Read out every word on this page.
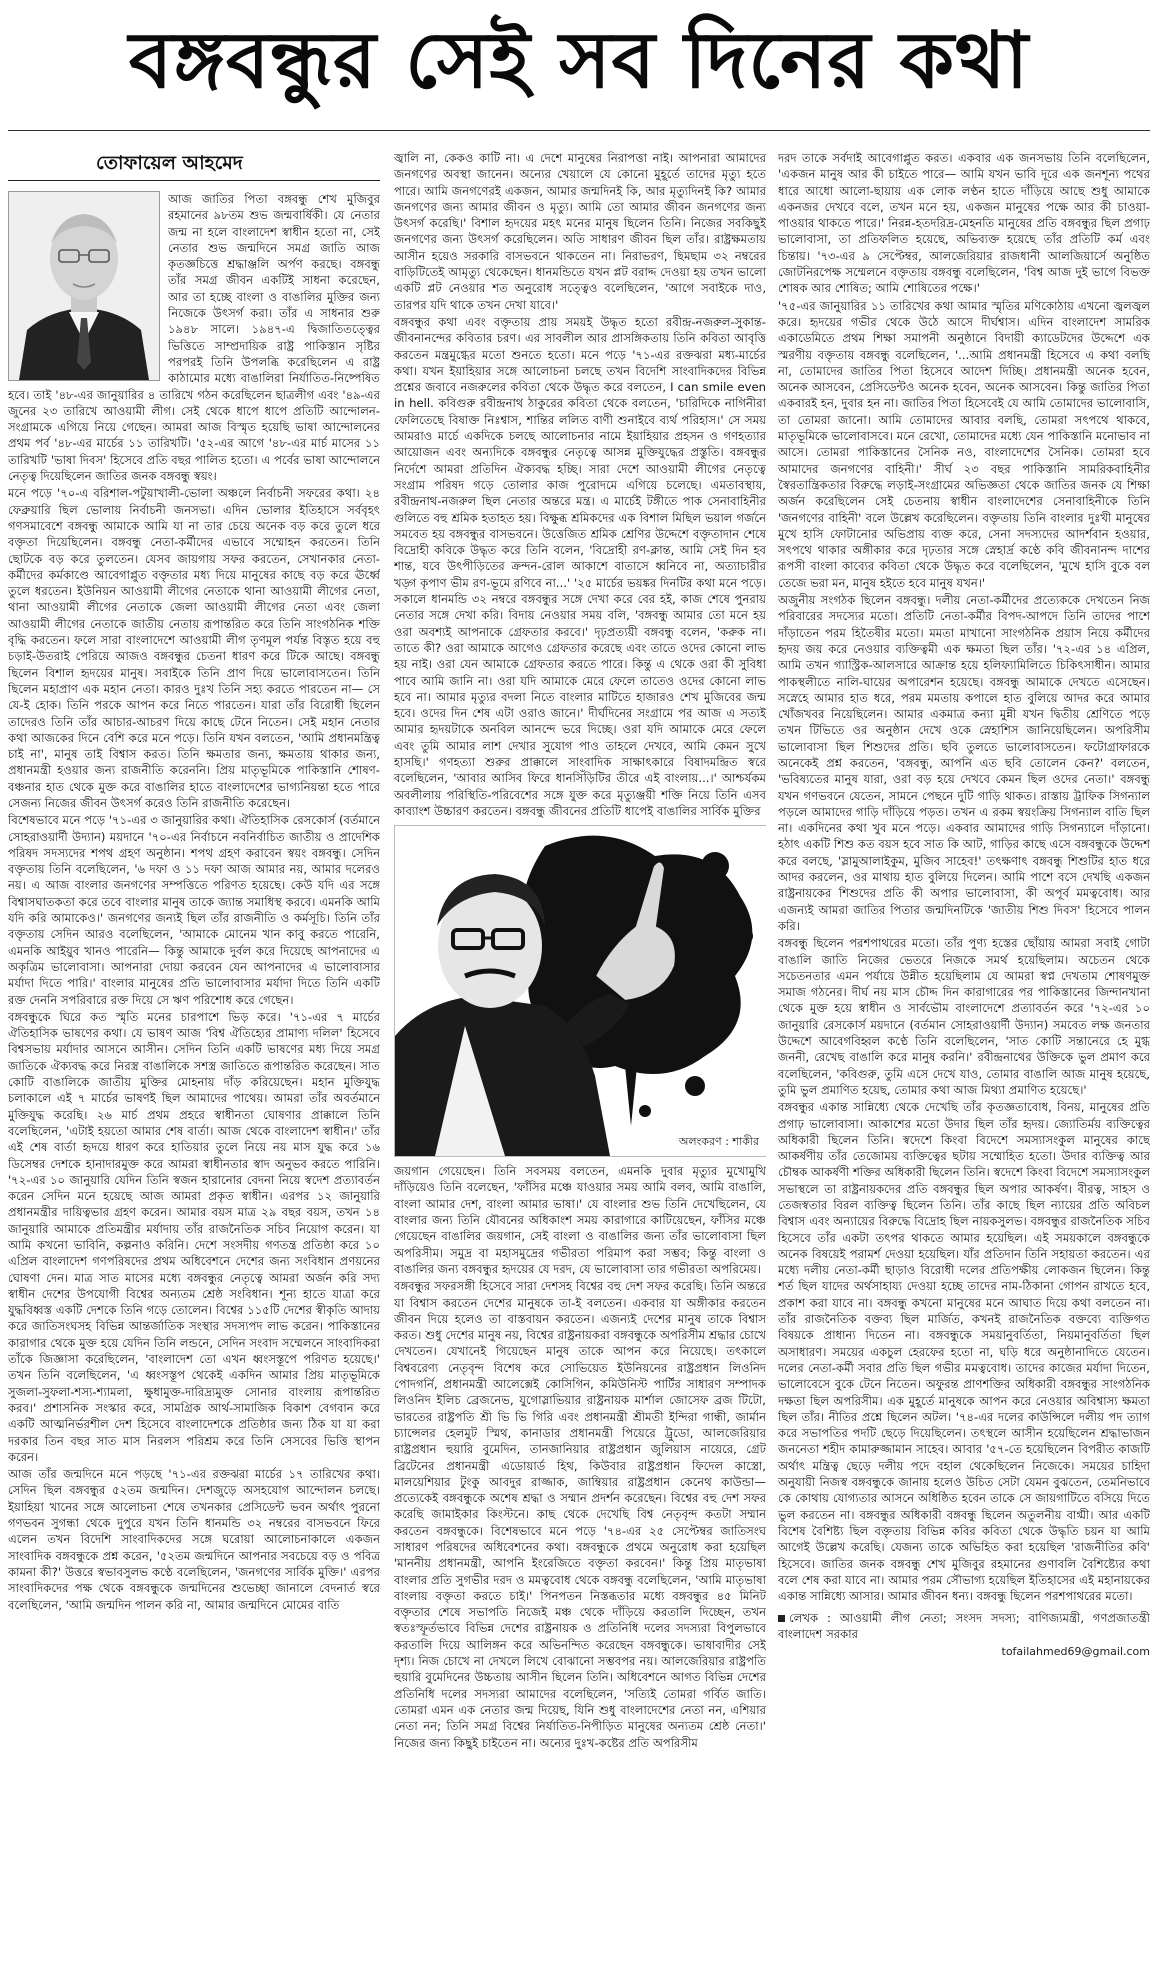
বঙ্গবন্ধুর সেই সব দিনের কথা
তোফায়েল আহমেদ

আজ জাতির পিতা বঙ্গবন্ধু শেখ মুজিবুর রহমানের ৯৮তম শুভ জন্মবার্ষিকী। যে নেতার জন্ম না হলে বাংলাদেশ স্বাধীন হতো না, সেই নেতার শুভ জন্মদিনে সমগ্র জাতি আজ কৃতজ্ঞচিত্তে শ্রদ্ধাঞ্জলি অর্পণ করছে। বঙ্গবন্ধু তাঁর সমগ্র জীবন একটিই সাধনা করেছেন, আর তা হচ্ছে বাংলা ও বাঙালির মুক্তির জন্য নিজেকে উৎসর্গ করা। তাঁর এ সাধনার শুরু ১৯৪৮ সালে। ১৯৪৭-এ দ্বিজাতিতত্ত্বের ভিত্তিতে সাম্প্রদায়িক রাষ্ট্র পাকিস্তান সৃষ্টির পরপরই তিনি উপলব্ধি করেছিলেন এ রাষ্ট্র কাঠামোর মধ্যে বাঙালিরা নির্যাতিত-নিষ্পেষিত হবে। তাই '৪৮-এর জানুয়ারির ৪ তারিখে গঠন করেছিলেন ছাত্রলীগ এবং '৪৯-এর জুনের ২৩ তারিখে আওয়ামী লীগ। সেই থেকে ধাপে ধাপে প্রতিটি আন্দোলন-সংগ্রামকে এগিয়ে নিয়ে গেছেন। আমরা আজ বিস্মৃত হয়েছি ভাষা আন্দোলনের প্রথম পর্ব '৪৮-এর মার্চের ১১ তারিখটি। '৫২-এর আগে '৪৮-এর মার্চ মাসের ১১ তারিখটি 'ভাষা দিবস' হিসেবে প্রতি বছর পালিত হতো। এ পর্বের ভাষা আন্দোলনে নেতৃত্ব দিয়েছিলেন জাতির জনক বঙ্গবন্ধু স্বয়ং।

মনে পড়ে '৭০-এ বরিশাল-পটুয়াখালী-ভোলা অঞ্চলে নির্বাচনী সফরের কথা। ২৪ ফেব্রুয়ারি ছিল ভোলায় নির্বাচনী জনসভা। এদিন ভোলার ইতিহাসে সর্ববৃহৎ গণসমাবেশে বঙ্গবন্ধু আমাকে আমি যা না তার চেয়ে অনেক বড় করে তুলে ধরে বক্তৃতা দিয়েছিলেন। বঙ্গবন্ধু নেতা-কর্মীদের এভাবে সম্মোহন করতেন। তিনি ছোটকে বড় করে তুলতেন। যেসব জায়গায় সফর করতেন, সেখানকার নেতা-কর্মীদের কর্মকাণ্ডে আবেগাপ্লুত বক্তৃতার মধ্য দিয়ে মানুষের কাছে বড় করে ঊর্ধ্বে তুলে ধরতেন। ইউনিয়ন আওয়ামী লীগের নেতাকে থানা আওয়ামী লীগের নেতা, থানা আওয়ামী লীগের নেতাকে জেলা আওয়ামী লীগের নেতা এবং জেলা আওয়ামী লীগের নেতাকে জাতীয় নেতায় রূপান্তরিত করে তিনি সাংগঠনিক শক্তি বৃদ্ধি করতেন। ফলে সারা বাংলাদেশে আওয়ামী লীগ তৃণমূল পর্যন্ত বিস্তৃত হয়ে বহু চড়াই-উতরাই পেরিয়ে আজও বঙ্গবন্ধুর চেতনা ধারণ করে টিকে আছে। বঙ্গবন্ধু ছিলেন বিশাল হৃদয়ের মানুষ। সবাইকে তিনি প্রাণ দিয়ে ভালোবাসতেন। তিনি ছিলেন মহাপ্রাণ এক মহান নেতা। কারও দুঃখ তিনি সহ্য করতে পারতেন না— সে যে-ই হোক। তিনি পরকে আপন করে নিতে পারতেন। যারা তাঁর বিরোধী ছিলেন তাদেরও তিনি তাঁর আচার-আচরণ দিয়ে কাছে টেনে নিতেন। সেই মহান নেতার কথা আজকের দিনে বেশি করে মনে পড়ে। তিনি যখন বলতেন, 'আমি প্রধানমন্ত্রিত্ব চাই না', মানুষ তাই বিশ্বাস করত। তিনি ক্ষমতার জন্য, ক্ষমতায় থাকার জন্য, প্রধানমন্ত্রী হওয়ার জন্য রাজনীতি করেননি। প্রিয় মাতৃভূমিকে পাকিস্তানি শোষণ-বঞ্চনার হাত থেকে মুক্ত করে বাঙালির হাতে বাংলাদেশের ভাগ্যনিয়ন্তা হতে পারে সেজন্য নিজের জীবন উৎসর্গ করেও তিনি রাজনীতি করেছেন।

বিশেষভাবে মনে পড়ে '৭১-এর ৩ জানুয়ারির কথা। ঐতিহাসিক রেসকোর্স (বর্তমানে সোহরাওয়ার্দী উদ্যান) ময়দানে '৭০-এর নির্বাচনে নবনির্বাচিত জাতীয় ও প্রাদেশিক পরিষদ সদস্যদের শপথ গ্রহণ অনুষ্ঠান। শপথ গ্রহণ করাবেন স্বয়ং বঙ্গবন্ধু। সেদিন বক্তৃতায় তিনি বলেছিলেন, '৬ দফা ও ১১ দফা আজ আমার নয়, আমার দলেরও নয়। এ আজ বাংলার জনগণের সম্পত্তিতে পরিণত হয়েছে। কেউ যদি এর সঙ্গে বিশ্বাসঘাতকতা করে তবে বাংলার মানুষ তাকে জ্যান্ত সমাধিস্থ করবে। এমনকি আমি যদি করি আমাকেও।' জনগণের জন্যই ছিল তাঁর রাজনীতি ও কর্মসূচি। তিনি তাঁর বক্তৃতায় সেদিন আরও বলেছিলেন, 'আমাকে মোনেম খান কাবু করতে পারেনি, এমনকি আইয়ুব খানও পারেনি— কিন্তু আমাকে দুর্বল করে দিয়েছে আপনাদের এ অকৃত্রিম ভালোবাসা। আপনারা দোয়া করবেন যেন আপনাদের এ ভালোবাসার মর্যাদা দিতে পারি।' বাংলার মানুষের প্রতি ভালোবাসার মর্যাদা দিতে তিনি একটি রক্ত দেননি সপরিবারে রক্ত দিয়ে সে ঋণ পরিশোধ করে গেছেন।

বঙ্গবন্ধুকে ঘিরে কত স্মৃতি মনের চারপাশে ভিড় করে। '৭১-এর ৭ মার্চের ঐতিহাসিক ভাষণের কথা। যে ভাষণ আজ 'বিশ্ব ঐতিহ্যের প্রামাণ্য দলিল' হিসেবে বিশ্বসভায় মর্যাদার আসনে আসীন। সেদিন তিনি একটি ভাষণের মধ্য দিয়ে সমগ্র জাতিকে ঐক্যবদ্ধ করে নিরস্ত্র বাঙালিকে সশস্ত্র জাতিতে রূপান্তরিত করেছেন। সাত কোটি বাঙালিকে জাতীয় মুক্তির মোহনায় দাঁড় করিয়েছেন। মহান মুক্তিযুদ্ধ চলাকালে এই ৭ মার্চের ভাষণই ছিল আমাদের পাথেয়। আমরা তাঁর অবর্তমানে মুক্তিযুদ্ধ করেছি। ২৬ মার্চ প্রথম প্রহরে স্বাধীনতা ঘোষণার প্রাক্কালে তিনি বলেছিলেন, 'এটাই হয়তো আমার শেষ বার্তা। আজ থেকে বাংলাদেশ স্বাধীন।' তাঁর এই শেষ বার্তা হৃদয়ে ধারণ করে হাতিয়ার তুলে নিয়ে নয় মাস যুদ্ধ করে ১৬ ডিসেম্বর দেশকে হানাদারমুক্ত করে আমরা স্বাধীনতার স্বাদ অনুভব করতে পারিনি। '৭২-এর ১০ জানুয়ারি যেদিন তিনি স্বজন হারানোর বেদনা নিয়ে স্বদেশ প্রত্যাবর্তন করেন সেদিন মনে হয়েছে আজ আমরা প্রকৃত স্বাধীন। এরপর ১২ জানুয়ারি প্রধানমন্ত্রীর দায়িত্বভার গ্রহণ করেন। আমার বয়স মাত্র ২৯ বছর বয়স, তখন ১৪ জানুয়ারি আমাকে প্রতিমন্ত্রীর মর্যাদায় তাঁর রাজনৈতিক সচিব নিয়োগ করেন। যা আমি কখনো ভাবিনি, কল্পনাও করিনি। দেশে সংসদীয় গণতন্ত্র প্রতিষ্ঠা করে ১০ এপ্রিল বাংলাদেশ গণপরিষদের প্রথম অধিবেশনে দেশের জন্য সংবিধান প্রণয়নের ঘোষণা দেন। মাত্র সাত মাসের মধ্যে বঙ্গবন্ধুর নেতৃত্বে আমরা অর্জন করি সদ্য স্বাধীন দেশের উপযোগী বিশ্বের অন্যতম শ্রেষ্ঠ সংবিধান। শূন্য হাতে যাত্রা করে যুদ্ধবিধ্বস্ত একটি দেশকে তিনি গড়ে তোলেন। বিশ্বের ১১৫টি দেশের স্বীকৃতি আদায় করে জাতিসংঘসহ বিভিন্ন আন্তর্জাতিক সংস্থার সদস্যপদ লাভ করেন। পাকিস্তানের কারাগার থেকে মুক্ত হয়ে যেদিন তিনি লন্ডনে, সেদিন সংবাদ সম্মেলনে সাংবাদিকরা তাঁকে জিজ্ঞাসা করেছিলেন, 'বাংলাদেশ তো এখন ধ্বংসস্তূপে পরিণত হয়েছে।' তখন তিনি বলেছিলেন, 'এ ধ্বংসস্তূপ থেকেই একদিন আমার প্রিয় মাতৃভূমিকে সুজলা-সুফলা-শস্য-শ্যামলা, ক্ষুধামুক্ত-দারিদ্র্যমুক্ত সোনার বাংলায় রূপান্তরিত করব।' প্রশাসনিক সংস্কার করে, সামগ্রিক আর্থ-সামাজিক বিকাশ বেগবান করে একটি আত্মনির্ভরশীল দেশ হিসেবে বাংলাদেশকে প্রতিষ্ঠার জন্য ঠিক যা যা করা দরকার তিন বছর সাত মাস নিরলস পরিশ্রম করে তিনি সেসবের ভিত্তি স্থাপন করেন।

আজ তাঁর জন্মদিনে মনে পড়ছে '৭১-এর রক্তঝরা মার্চের ১৭ তারিখের কথা। সেদিন ছিল বঙ্গবন্ধুর ৫২তম জন্মদিন। দেশজুড়ে অসহযোগ আন্দোলন চলছে। ইয়াহিয়া খানের সঙ্গে আলোচনা শেষে তখনকার প্রেসিডেন্ট ভবন অর্থাৎ পুরনো গণভবন সুগন্ধা থেকে দুপুরে যখন তিনি ধানমন্ডি ৩২ নম্বরের বাসভবনে ফিরে এলেন তখন বিদেশি সাংবাদিকদের সঙ্গে ঘরোয়া আলোচনাকালে একজন সাংবাদিক বঙ্গবন্ধুকে প্রশ্ন করেন, '৫২তম জন্মদিনে আপনার সবচেয়ে বড় ও পবিত্র কামনা কী?' উত্তরে স্বভাবসুলভ কণ্ঠে বলেছিলেন, 'জনগণের সার্বিক মুক্তি।' এরপর সাংবাদিকদের পক্ষ থেকে বঙ্গবন্ধুকে জন্মদিনের শুভেচ্ছা জানালে বেদনার্ত স্বরে বলেছিলেন, 'আমি জন্মদিন পালন করি না, আমার জন্মদিনে মোমের বাতি

জ্বালি না, কেকও কাটি না। এ দেশে মানুষের নিরাপত্তা নাই। আপনারা আমাদের জনগণের অবস্থা জানেন। অন্যের খেয়ালে যে কোনো মুহূর্তে তাদের মৃত্যু হতে পারে। আমি জনগণেরই একজন, আমার জন্মদিনই কি, আর মৃত্যুদিনই কি? আমার জনগণের জন্য আমার জীবন ও মৃত্যু। আমি তো আমার জীবন জনগণের জন্য উৎসর্গ করেছি।' বিশাল হৃদয়ের মহৎ মনের মানুষ ছিলেন তিনি। নিজের সবকিছুই জনগণের জন্য উৎসর্গ করেছিলেন। অতি সাধারণ জীবন ছিল তাঁর। রাষ্ট্রক্ষমতায় আসীন হয়েও সরকারি বাসভবনে থাকতেন না। নিরাভরণ, ছিমছাম ৩২ নম্বরের বাড়িটিতেই আমৃত্যু থেকেছেন। ধানমন্ডিতে যখন প্লট বরাদ্দ দেওয়া হয় তখন ভালো একটি প্লট নেওয়ার শত অনুরোধ সত্ত্বেও বলেছিলেন, 'আগে সবাইকে দাও, তারপর যদি থাকে তখন দেখা যাবে।'

বঙ্গবন্ধুর কথা এবং বক্তৃতায় প্রায় সময়ই উদ্ধৃত হতো রবীন্দ্র-নজরুল-সুকান্ত-জীবনানন্দের কবিতার চরণ। এর সাবলীল আর প্রাসঙ্গিকতায় তিনি কবিতা আবৃত্তি করতেন মন্ত্রমুগ্ধের মতো শুনতে হতো। মনে পড়ে '৭১-এর রক্তঝরা মধ্য-মার্চের কথা। যখন ইয়াহিয়ার সঙ্গে আলোচনা চলছে তখন বিদেশি সাংবাদিকদের বিভিন্ন প্রশ্নের জবাবে নজরুলের কবিতা থেকে উদ্ধৃত করে বলতেন, I can smile even in hell. কবিগুরু রবীন্দ্রনাথ ঠাকুরের কবিতা থেকে বলতেন, 'চারিদিকে নাগিনীরা ফেলিতেছে বিষাক্ত নিঃশ্বাস, শান্তির ললিত বাণী শুনাইবে ব্যর্থ পরিহাস।' সে সময় আমরাও মার্চে একদিকে চলছে আলোচনার নামে ইয়াহিয়ার প্রহসন ও গণহত্যার আয়োজন এবং অন্যদিকে বঙ্গবন্ধুর নেতৃত্বে আসন্ন মুক্তিযুদ্ধের প্রস্তুতি। বঙ্গবন্ধুর নির্দেশে আমরা প্রতিদিন ঐক্যবদ্ধ হচ্ছি। সারা দেশে আওয়ামী লীগের নেতৃত্বে সংগ্রাম পরিষদ গড়ে তোলার কাজ পুরোদমে এগিয়ে চলেছে। এমতাবস্থায়, রবীন্দ্রনাথ-নজরুল ছিল নেতার অন্তরে মন্ত্র। এ মার্চেই টঙ্গীতে পাক সেনাবাহিনীর গুলিতে বহু শ্রমিক হতাহত হয়। বিক্ষুব্ধ শ্রমিকদের এক বিশাল মিছিল ভয়াল গর্জনে সমবেত হয় বঙ্গবন্ধুর বাসভবনে। উত্তেজিত শ্রমিক শ্রেণির উদ্দেশে বক্তৃতাদান শেষে বিদ্রোহী কবিকে উদ্ধৃত করে তিনি বলেন, 'বিদ্রোহী রণ-ক্লান্ত, আমি সেই দিন হব শান্ত, যবে উৎপীড়িতের ক্রন্দন-রোল আকাশে বাতাসে ধ্বনিবে না, অত্যাচারীর খড়্গ কৃপাণ ভীম রণ-ভূমে রণিবে না...' '২৫ মার্চের ভয়ঙ্কর দিনটির কথা মনে পড়ে। সকালে ধানমন্ডি ৩২ নম্বরে বঙ্গবন্ধুর সঙ্গে দেখা করে বের হই, কাজ শেষে পুনরায় নেতার সঙ্গে দেখা করি। বিদায় নেওয়ার সময় বলি, 'বঙ্গবন্ধু আমার তো মনে হয় ওরা অবশ্যই আপনাকে গ্রেফতার করবে।' দৃঢ়প্রত্যয়ী বঙ্গবন্ধু বলেন, 'করুক না। তাতে কী? ওরা আমাকে আগেও গ্রেফতার করেছে এবং তাতে ওদের কোনো লাভ হয় নাই। ওরা যেন আমাকে গ্রেফতার করতে পারে। কিন্তু এ থেকে ওরা কী সুবিধা পাবে আমি জানি না। ওরা যদি আমাকে মেরে ফেলে তাতেও ওদের কোনো লাভ হবে না। আমার মৃত্যুর বদলা নিতে বাংলার মাটিতে হাজারও শেখ মুজিবের জন্ম হবে। ওদের দিন শেষ এটা ওরাও জানে।' দীর্ঘদিনের সংগ্রামে পর আজ এ সত্যই আমার হৃদয়টাকে অনবিল আনন্দে ভরে দিচ্ছে। ওরা যদি আমাকে মেরে ফেলে এবং তুমি আমার লাশ দেখার সুযোগ পাও তাহলে দেখবে, আমি কেমন সুখে হাসছি।' গণহত্যা শুরুর প্রাক্কালে সাংবাদিক সাক্ষাৎকারে বিষাদমন্দ্রিত স্বরে বলেছিলেন, 'আবার আসিব ফিরে ধানসিঁড়িটির তীরে এই বাংলায়...।' আশ্চর্যকম অবলীলায় পরিস্থিতি-পরিবেশের সঙ্গে যুক্ত করে মৃত্যুঞ্জয়ী শক্তি নিয়ে তিনি এসব কাব্যাংশ উচ্চারণ করতেন। বঙ্গবন্ধু জীবনের প্রতিটি ধাপেই বাঙালির সার্বিক মুক্তির

অলংকরণ : শাকীর

জয়গান গেয়েছেন। তিনি সবসময় বলতেন, এমনকি দুবার মৃত্যুর মুখোমুখি দাঁড়িয়েও তিনি বলেছেন, 'ফাঁসির মঞ্চে যাওয়ার সময় আমি বলব, আমি বাঙালি, বাংলা আমার দেশ, বাংলা আমার ভাষা।' যে বাংলার শুভ তিনি দেখেছিলেন, যে বাংলার জন্য তিনি যৌবনের অধিকাংশ সময় কারাগারে কাটিয়েছেন, ফাঁসির মঞ্চে গেয়েছেন বাঙালির জয়গান, সেই বাংলা ও বাঙালির জন্য তাঁর ভালোবাসা ছিল অপরিসীম। সমুদ্র বা মহাসমুদ্রের গভীরতা পরিমাপ করা সম্ভব; কিন্তু বাংলা ও বাঙালির জন্য বঙ্গবন্ধুর হৃদয়ের যে দরদ, যে ভালোবাসা তার গভীরতা অপরিমেয়।

বঙ্গবন্ধুর সফরসঙ্গী হিসেবে সারা দেশসহ বিশ্বের বহু দেশ সফর করেছি। তিনি অন্তরে যা বিশ্বাস করতেন দেশের মানুষকে তা-ই বলতেন। একবার যা অঙ্গীকার করতেন জীবন দিয়ে হলেও তা বাস্তবায়ন করতেন। এজন্যই দেশের মানুষ তাকে বিশ্বাস করত। শুধু দেশের মানুষ নয়, বিশ্বের রাষ্ট্রনায়করা বঙ্গবন্ধুকে অপরিসীম শ্রদ্ধার চোখে দেখতেন। যেখানেই গিয়েছেন মানুষ তাকে আপন করে নিয়েছে। তৎকালে বিশ্ববরেণ্য নেতৃবৃন্দ বিশেষ করে সোভিয়েত ইউনিয়নের রাষ্ট্রপ্রধান লিওনিদ পোদগর্নি, প্রধানমন্ত্রী আলেক্সেই কোসিগিন, কমিউনিস্ট পার্টির সাধারণ সম্পাদক লিওনিদ ইলিচ ব্রেজনেভ, যুগোস্লাভিয়ার রাষ্ট্রনায়ক মার্শাল জোসেফ ব্রজ টিটো, ভারতের রাষ্ট্রপতি শ্রী ভি ভি গিরি এবং প্রধানমন্ত্রী শ্রীমতী ইন্দিরা গান্ধী, জার্মান চ্যান্সেলর হেলমুট স্মিথ, কানাডার প্রধানমন্ত্রী পিয়েরে ট্রুডো, আলজেরিয়ার রাষ্ট্রপ্রধান হুয়ারি বুমেদিন, তানজানিয়ার রাষ্ট্রপ্রধান জুলিয়াস নায়েরে, গ্রেট ব্রিটেনের প্রধানমন্ত্রী এডোয়ার্ড হিথ, কিউবার রাষ্ট্রপ্রধান ফিদেল কাস্ত্রো, মালয়েশিয়ার টুংকু আবদুর রাজ্জাক, জাম্বিয়ার রাষ্ট্রপ্রধান কেনেথ কাউন্ডা— প্রত্যেকেই বঙ্গবন্ধুকে অশেষ শ্রদ্ধা ও সম্মান প্রদর্শন করেছেন। বিশ্বের বহু দেশ সফর করেছি জামাইকার কিংস্টনে। কাছ থেকে দেখেছি বিশ্ব নেতৃবৃন্দ কতটা সম্মান করতেন বঙ্গবন্ধুকে। বিশেষভাবে মনে পড়ে '৭৪-এর ২৫ সেপ্টেম্বর জাতিসংঘ সাধারণ পরিষদের অধিবেশনের কথা। বঙ্গবন্ধুকে প্রথমে অনুরোধ করা হয়েছিল 'মাননীয় প্রধানমন্ত্রী, আপনি ইংরেজিতে বক্তৃতা করবেন।' কিন্তু প্রিয় মাতৃভাষা বাংলার প্রতি সুগভীর দরদ ও মমত্ববোধ থেকে বঙ্গবন্ধু বলেছিলেন, 'আমি মাতৃভাষা বাংলায় বক্তৃতা করতে চাই।' পিনপতন নিস্তব্ধতার মধ্যে বঙ্গবন্ধুর ৪৫ মিনিট বক্তৃতার শেষে সভাপতি নিজেই মঞ্চ থেকে দাঁড়িয়ে করতালি দিচ্ছেন, তখন স্বতঃস্ফূর্তভাবে বিভিন্ন দেশের রাষ্ট্রনায়ক ও প্রতিনিধি দলের সদস্যরা বিপুলভাবে করতালি দিয়ে আলিঙ্গন করে অভিনন্দিত করেছেন বঙ্গবন্ধুকে। ভাষাবাদীর সেই দৃশ্য। নিজ চোখে না দেখলে লিখে বোঝানো সম্ভবপর নয়। আলজেরিয়ার রাষ্ট্রপতি হুয়ারি বুমেদিনের উচ্চতায় আসীন ছিলেন তিনি। অধিবেশনে আগত বিভিন্ন দেশের প্রতিনিধি দলের সদস্যরা আমাদের বলেছিলেন, 'সত্যিই তোমরা গর্বিত জাতি। তোমরা এমন এক নেতার জন্ম দিয়েছ, যিনি শুধু বাংলাদেশের নেতা নন, এশিয়ার নেতা নন; তিনি সমগ্র বিশ্বের নির্যাতিত-নিপীড়িত মানুষের অন্যতম শ্রেষ্ঠ নেতা।' নিজের জন্য কিছুই চাইতেন না। অন্যের দুঃখ-কষ্টের প্রতি অপরিসীম

দরদ তাকে সর্বদাই আবেগাপ্লুত করত। একবার এক জনসভায় তিনি বলেছিলেন, 'একজন মানুষ আর কী চাইতে পারে— আমি যখন ভাবি দূরে এক জনশূন্য পথের ধারে আধো আলো-ছায়ায় এক লোক লণ্ঠন হাতে দাঁড়িয়ে আছে শুধু আমাকে একনজর দেখবে বলে, তখন মনে হয়, একজন মানুষের পক্ষে আর কী চাওয়া-পাওয়ার থাকতে পারে।' নিরন্ন-হতদরিদ্র-মেহনতি মানুষের প্রতি বঙ্গবন্ধুর ছিল প্রগাঢ় ভালোবাসা, তা প্রতিফলিত হয়েছে, অভিব্যক্ত হয়েছে তাঁর প্রতিটি কর্ম এবং চিন্তায়। '৭৩-এর ৯ সেপ্টেম্বর, আলজেরিয়ার রাজধানী আলজিয়ার্সে অনুষ্ঠিত জোটনিরপেক্ষ সম্মেলনে বক্তৃতায় বঙ্গবন্ধু বলেছিলেন, 'বিশ্ব আজ দুই ভাগে বিভক্ত শোষক আর শোষিত; আমি শোষিতের পক্ষে।'

'৭৫-এর জানুয়ারির ১১ তারিখের কথা আমার স্মৃতির মণিকোঠায় এখনো জ্বলজ্বল করে। হৃদয়ের গভীর থেকে উঠে আসে দীর্ঘশ্বাস। এদিন বাংলাদেশ সামরিক একাডেমিতে প্রথম শিক্ষা সমাপনী অনুষ্ঠানে বিদায়ী ক্যাডেটদের উদ্দেশে এক স্মরণীয় বক্তৃতায় বঙ্গবন্ধু বলেছিলেন, '...আমি প্রধানমন্ত্রী হিসেবে এ কথা বলছি না, তোমাদের জাতির পিতা হিসেবে আদেশ দিচ্ছি। প্রধানমন্ত্রী অনেক হবেন, অনেক আসবেন, প্রেসিডেন্টও অনেক হবেন, অনেক আসবেন। কিন্তু জাতির পিতা একবারই হন, দুবার হন না। জাতির পিতা হিসেবেই যে আমি তোমাদের ভালোবাসি, তা তোমরা জানো। আমি তোমাদের আবার বলছি, তোমরা সৎপথে থাকবে, মাতৃভূমিকে ভালোবাসবে। মনে রেখো, তোমাদের মধ্যে যেন পাকিস্তানি মনোভাব না আসে। তোমরা পাকিস্তানের সৈনিক নও, বাংলাদেশের সৈনিক। তোমরা হবে আমাদের জনগণের বাহিনী।' সীর্ঘ ২৩ বছর পাকিস্তানি সামরিকবাহিনীর স্বৈরতান্ত্রিকতার বিরুদ্ধে লড়াই-সংগ্রামের অভিজ্ঞতা থেকে জাতির জনক যে শিক্ষা অর্জন করেছিলেন সেই চেতনায় স্বাধীন বাংলাদেশের সেনাবাহিনীকে তিনি 'জনগণের বাহিনী' বলে উল্লেখ করেছিলেন। বক্তৃতায় তিনি বাংলার দুঃখী মানুষের মুখে হাসি ফোটানোর অভিপ্রায় ব্যক্ত করে, সেনা সদস্যদের আদর্শবান হওয়ার, সৎপথে থাকার অঙ্গীকার করে দৃঢ়তার সঙ্গে স্নেহার্দ্র কণ্ঠে কবি জীবনানন্দ দাশের রূপসী বাংলা কাব্যের কবিতা থেকে উদ্ধৃত করে বলেছিলেন, 'মুখে হাসি বুকে বল তেজে ভরা মন, মানুষ হইতে হবে মানুষ যখন।'

অজুনীয় সংগঠক ছিলেন বঙ্গবন্ধু। দলীয় নেতা-কর্মীদের প্রত্যেককে দেখতেন নিজ পরিবারের সদস্যের মতো। প্রতিটি নেতা-কর্মীর বিপদ-আপদে তিনি তাদের পাশে দাঁড়াতেন পরম হিতৈষীর মতো। মমতা মাখানো সাংগঠনিক প্রয়াস নিয়ে কর্মীদের হৃদয় জয় করে নেওয়ার ব্যক্তিত্বমী এক ক্ষমতা ছিল তাঁর। '৭২-এর ১৪ এপ্রিল, আমি তখন গ্যাস্ট্রিক-আলসারে আক্রান্ত হয়ে হলিফ্যামিলিতে চিকিৎসাধীন। আমার পাকস্থলীতে নালি-ঘায়ের অপারেশন হয়েছে। বঙ্গবন্ধু আমাকে দেখতে এসেছেন। সস্নেহে আমার হাত ধরে, পরম মমতায় কপালে হাত বুলিয়ে আদর করে আমার খোঁজখবর নিয়েছিলেন। আমার একমাত্র কন্যা মুন্নী যখন দ্বিতীয় শ্রেণিতে পড়ে তখন টিভিতে ওর অনুষ্ঠান দেখে ওকে স্নেহাশিস জানিয়েছিলেন। অপরিসীম ভালোবাসা ছিল শিশুদের প্রতি। ছবি তুলতে ভালোবাসতেন। ফটোগ্রাফারকে অনেকেই প্রশ্ন করতেন, 'বঙ্গবন্ধু, আপনি এত ছবি তোলেন কেন?' বলতেন, 'ভবিষ্যতের মানুষ যারা, ওরা বড় হয়ে দেখবে কেমন ছিল ওদের নেতা।' বঙ্গবন্ধু যখন গণভবনে যেতেন, সামনে পেছনে দুটি গাড়ি থাকত। রাস্তায় ট্রাফিক সিগন্যাল পড়লে আমাদের গাড়ি দাঁড়িয়ে পড়ত। তখন এ রকম স্বয়ংক্রিয় সিগন্যাল বাতি ছিল না। একদিনের কথা খুব মনে পড়ে। একবার আমাদের গাড়ি সিগন্যালে দাঁড়ানো। হঠাৎ একটি শিশু কত বয়স হবে সাত কি আট, গাড়ির কাছে এসে বঙ্গবন্ধুকে উদ্দেশ করে বলছে, 'স্লামুআলাইকুম, মুজিব সাহেব!' তৎক্ষণাৎ বঙ্গবন্ধু শিশুটির হাত ধরে আদর করলেন, ওর মাথায় হাত বুলিয়ে দিলেন। আমি পাশে বসে দেখছি একজন রাষ্ট্রনায়কের শিশুদের প্রতি কী অপার ভালোবাসা, কী অপূর্ব মমত্ববোধ। আর এজন্যই আমরা জাতির পিতার জন্মদিনটিকে 'জাতীয় শিশু দিবস' হিসেবে পালন করি।

বঙ্গবন্ধু ছিলেন পরশপাথরের মতো। তাঁর পুণ্য হস্তের ছোঁয়ায় আমরা সবাই গোটা বাঙালি জাতি নিজের ভেতরে নিজকে সমর্থ হয়েছিলাম। অচেতন থেকে সচেতনতার এমন পর্যায়ে উন্নীত হয়েছিলাম যে আমরা স্বপ্ন দেখতাম শোষণমুক্ত সমাজ গঠনের। দীর্ঘ নয় মাস চৌদ্দ দিন কারাগারের পর পাকিস্তানের জিন্দানখানা থেকে মুক্ত হয়ে স্বাধীন ও সার্বভৌম বাংলাদেশে প্রত্যাবর্তন করে '৭২-এর ১০ জানুয়ারি রেসকোর্স ময়দানে (বর্তমান সোহরাওয়ার্দী উদ্যান) সমবেত লক্ষ জনতার উদ্দেশে আবেগবিহ্বল কণ্ঠে তিনি বলেছিলেন, 'সাত কোটি সন্তানেরে হে মুগ্ধ জননী, রেখেছ বাঙালি করে মানুষ করনি।' রবীন্দ্রনাথের উক্তিকে ভুল প্রমাণ করে বলেছিলেন, 'কবিগুরু, তুমি এসে দেখে যাও, তোমার বাঙালি আজ মানুষ হয়েছে, তুমি ভুল প্রমাণিত হয়েছ, তোমার কথা আজ মিথ্যা প্রমাণিত হয়েছে।'

বঙ্গবন্ধুর একান্ত সান্নিধ্যে থেকে দেখেছি তাঁর কৃতজ্ঞতাবোধ, বিনয়, মানুষের প্রতি প্রগাঢ় ভালোবাসা। আকাশের মতো উদার ছিল তাঁর হৃদয়। জ্যোতির্ময় ব্যক্তিত্বের অধিকারী ছিলেন তিনি। স্বদেশে কিংবা বিদেশে সমস্যাসংকুল মানুষের কাছে আকর্ষণীয় তাঁর তেজোময় ব্যক্তিত্বের ছটায় সম্মোহিত হতো। উদার ব্যক্তিত্ব আর চৌম্বক আকর্ষণী শক্তির অধিকারী ছিলেন তিনি। স্বদেশে কিংবা বিদেশে সমস্যাসংকুল সভাস্থলে তা রাষ্ট্রনায়কদের প্রতি বঙ্গবন্ধুর ছিল অপার আকর্ষণ। বীরত্ব, সাহস ও তেজস্বতার বিরল ব্যক্তিত্ব ছিলেন তিনি। তাঁর কাছে ছিল ন্যায়ের প্রতি অবিচল বিশ্বাস এবং অন্যায়ের বিরুদ্ধে বিদ্রোহ ছিল নায়কসুলভ। বঙ্গবন্ধুর রাজনৈতিক সচিব হিসেবে তাঁর একটা তৎপর থাকতে আমার হয়েছিল। এই সময়কালে বঙ্গবন্ধুকে অনেক বিষয়েই পরামর্শ দেওয়া হয়েছিল। যাঁর প্রতিদান তিনি সহায়তা করতেন। এর মধ্যে দলীয় নেতা-কর্মী ছাড়াও বিরোধী দলের প্রতিপক্ষীয় লোকজন ছিলেন। কিন্তু শর্ত ছিল যাদের অর্থসাহায্য দেওয়া হচ্ছে তাদের নাম-ঠিকানা গোপন রাখতে হবে, প্রকাশ করা যাবে না। বঙ্গবন্ধু কখনো মানুষের মনে আঘাত দিয়ে কথা বলতেন না। তাঁর রাজনৈতিক বক্তব্য ছিল মার্জিত, কখনই রাজনৈতিক বক্তব্যে ব্যক্তিগত বিষয়কে প্রাধান্য দিতেন না। বঙ্গবন্ধুকে সময়ানুবর্তিতা, নিয়মানুবর্তিতা ছিল অসাধারণ। সময়ের একচুল হেরফের হতো না, ঘড়ি ধরে অনুষ্ঠানাদিতে যেতেন। দলের নেতা-কর্মী সবার প্রতি ছিল গভীর মমত্ববোধ। তাদের কাজের মর্যাদা দিতেন, ভালোবেসে বুকে টেনে নিতেন। অফুরন্ত প্রাণশক্তির অধিকারী বঙ্গবন্ধুর সাংগঠনিক দক্ষতা ছিল অপরিসীম। এক মুহূর্তে মানুষকে আপন করে নেওয়ার অবিশ্বাস্য ক্ষমতা ছিল তাঁর। নীতির প্রশ্নে ছিলেন অটল। '৭৪-এর দলের কাউন্সিলে দলীয় পদ ত্যাগ করে সভাপতির পদটি ছেড়ে দিয়েছিলেন। তৎস্থলে আসীন হয়েছিলেন শ্রদ্ধাভাজন জননেতা শহীদ কামারুজ্জামান সাহেব। আবার '৫৭-তে হয়েছিলেন বিপরীত কাজটি অর্থাৎ মন্ত্রিত্ব ছেড়ে দলীয় পদে বহাল থেকেছিলেন নিজেকে। সময়ের চাহিদা অনুযায়ী নিজস্ব বঙ্গবন্ধুকে জানায় হলেও উচিত সেটা যেমন বুঝতেন, তেমনিভাবে কে কোথায় যোগ্যতার আসনে অধিষ্ঠিত হবেন তাকে সে জায়গাটিতে বসিয়ে দিতে ভুল করতেন না। বঙ্গবন্ধুর অধিকারী বঙ্গবন্ধু ছিলেন অতুলনীয় বাগ্মী। আর একটি বিশেষ বৈশিষ্ট্য ছিল বক্তৃতায় বিভিন্ন কবির কবিতা থেকে উদ্ধৃতি চয়ন যা আমি আগেই উল্লেখ করেছি। যেজন্য তাকে অভিহিত করা হয়েছিল 'রাজনীতির কবি' হিসেবে। জাতির জনক বঙ্গবন্ধু শেখ মুজিবুর রহমানের গুণাবলি বৈশিষ্ট্যের কথা বলে শেষ করা যাবে না। আমার পরম সৌভাগ্য হয়েছিল ইতিহাসের এই মহানায়কের একান্ত সান্নিধ্যে আসার। আমার জীবন ধন্য। বঙ্গবন্ধু ছিলেন পরশপাথরের মতো।

লেখক : আওয়ামী লীগ নেতা; সংসদ সদস্য; বাণিজ্যমন্ত্রী, গণপ্রজাতন্ত্রী বাংলাদেশ সরকার
tofailahmed69@gmail.com
